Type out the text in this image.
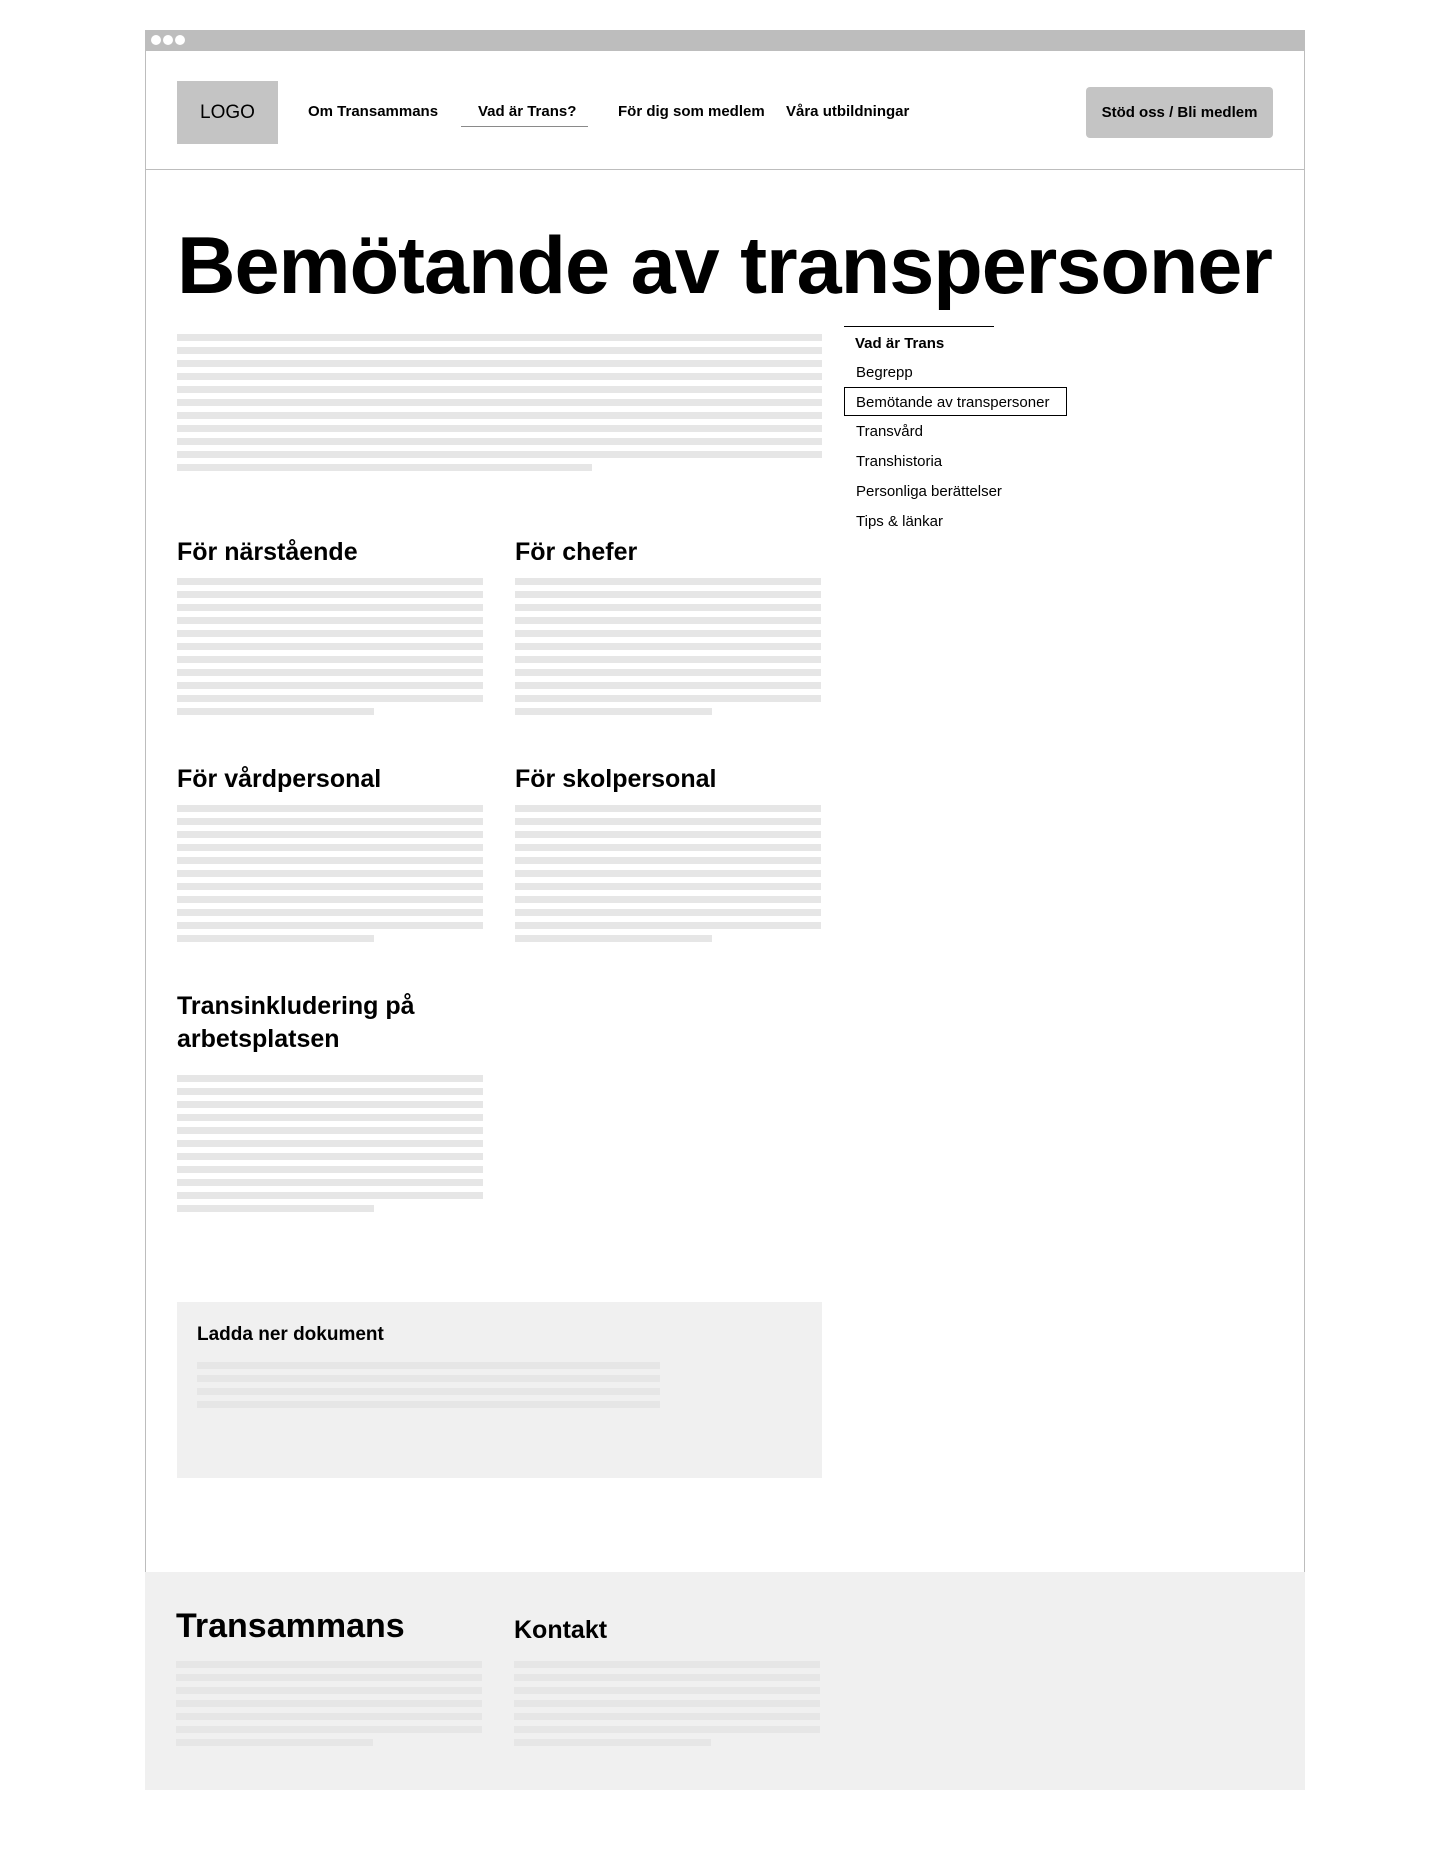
LOGO	Om Transammans	Vad är Trans?	För dig som medlem Våra utbildningar	Stöd oss / Bli medlem
Bemötande av transpersoner
Vad är Trans
Begrepp
Bemötande av transpersoner
Transvård
Transhistoria
Personliga berättelser
Tips & länkar
För närstående	För chefer
För vårdpersonal	För skolpersonal
Transinkludering på arbetsplatsen
Ladda ner dokument
Transammans	Kontakt
